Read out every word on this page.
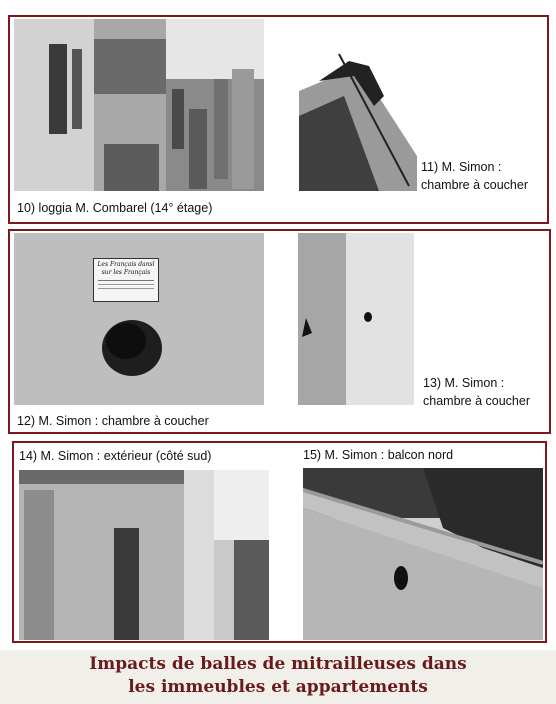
10) loggia M. Combarel (14° étage)
11) M. Simon :
chambre à coucher
Les Français dansl
sur les Français
12) M. Simon : chambre à coucher
13) M. Simon :
chambre à coucher
14) M. Simon : extérieur (côté sud)	15) M. Simon : balcon nord
Impacts de balles de mitrailleuses dans
les immeubles et appartements
